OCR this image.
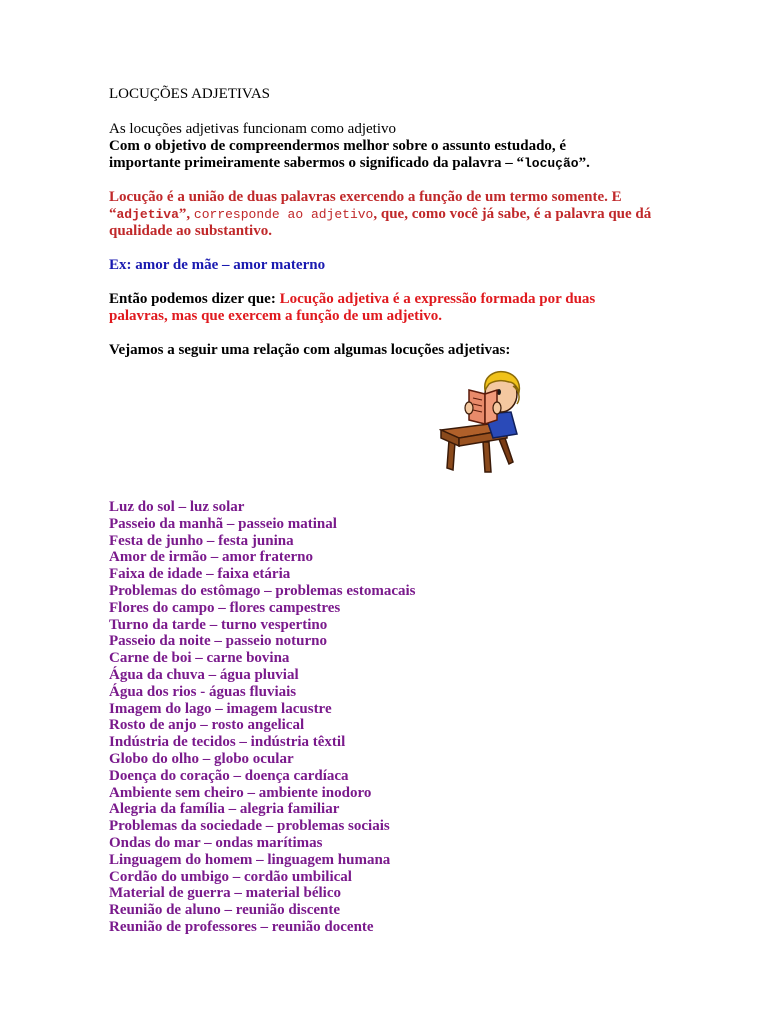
LOCUÇÕES ADJETIVAS
As locuções adjetivas funcionam como adjetivo
Com o objetivo de compreendermos melhor sobre o assunto estudado, é
importante primeiramente sabermos o significado da palavra – “locução”.
Locução é a união de duas palavras exercendo a função de um termo somente. E
“adjetiva”, corresponde ao adjetivo, que, como você já sabe, é a palavra que dá
qualidade ao substantivo.
Ex: amor de mãe – amor materno
Então podemos dizer que: Locução adjetiva é a expressão formada por duas
palavras, mas que exercem a função de um adjetivo.
Vejamos a seguir uma relação com algumas locuções adjetivas:
Luz do sol – luz solar
Passeio da manhã – passeio matinal
Festa de junho – festa junina
Amor de irmão – amor fraterno
Faixa de idade – faixa etária
Problemas do estômago – problemas estomacais
Flores do campo – flores campestres
Turno da tarde – turno vespertino
Passeio da noite – passeio noturno
Carne de boi – carne bovina
Água da chuva – água pluvial
Água dos rios - águas fluviais
Imagem do lago – imagem lacustre
Rosto de anjo – rosto angelical
Indústria de tecidos – indústria têxtil
Globo do olho – globo ocular
Doença do coração – doença cardíaca
Ambiente sem cheiro – ambiente inodoro
Alegria da família – alegria familiar
Problemas da sociedade – problemas sociais
Ondas do mar – ondas marítimas
Linguagem do homem – linguagem humana
Cordão do umbigo – cordão umbilical
Material de guerra – material bélico
Reunião de aluno – reunião discente
Reunião de professores – reunião docente
